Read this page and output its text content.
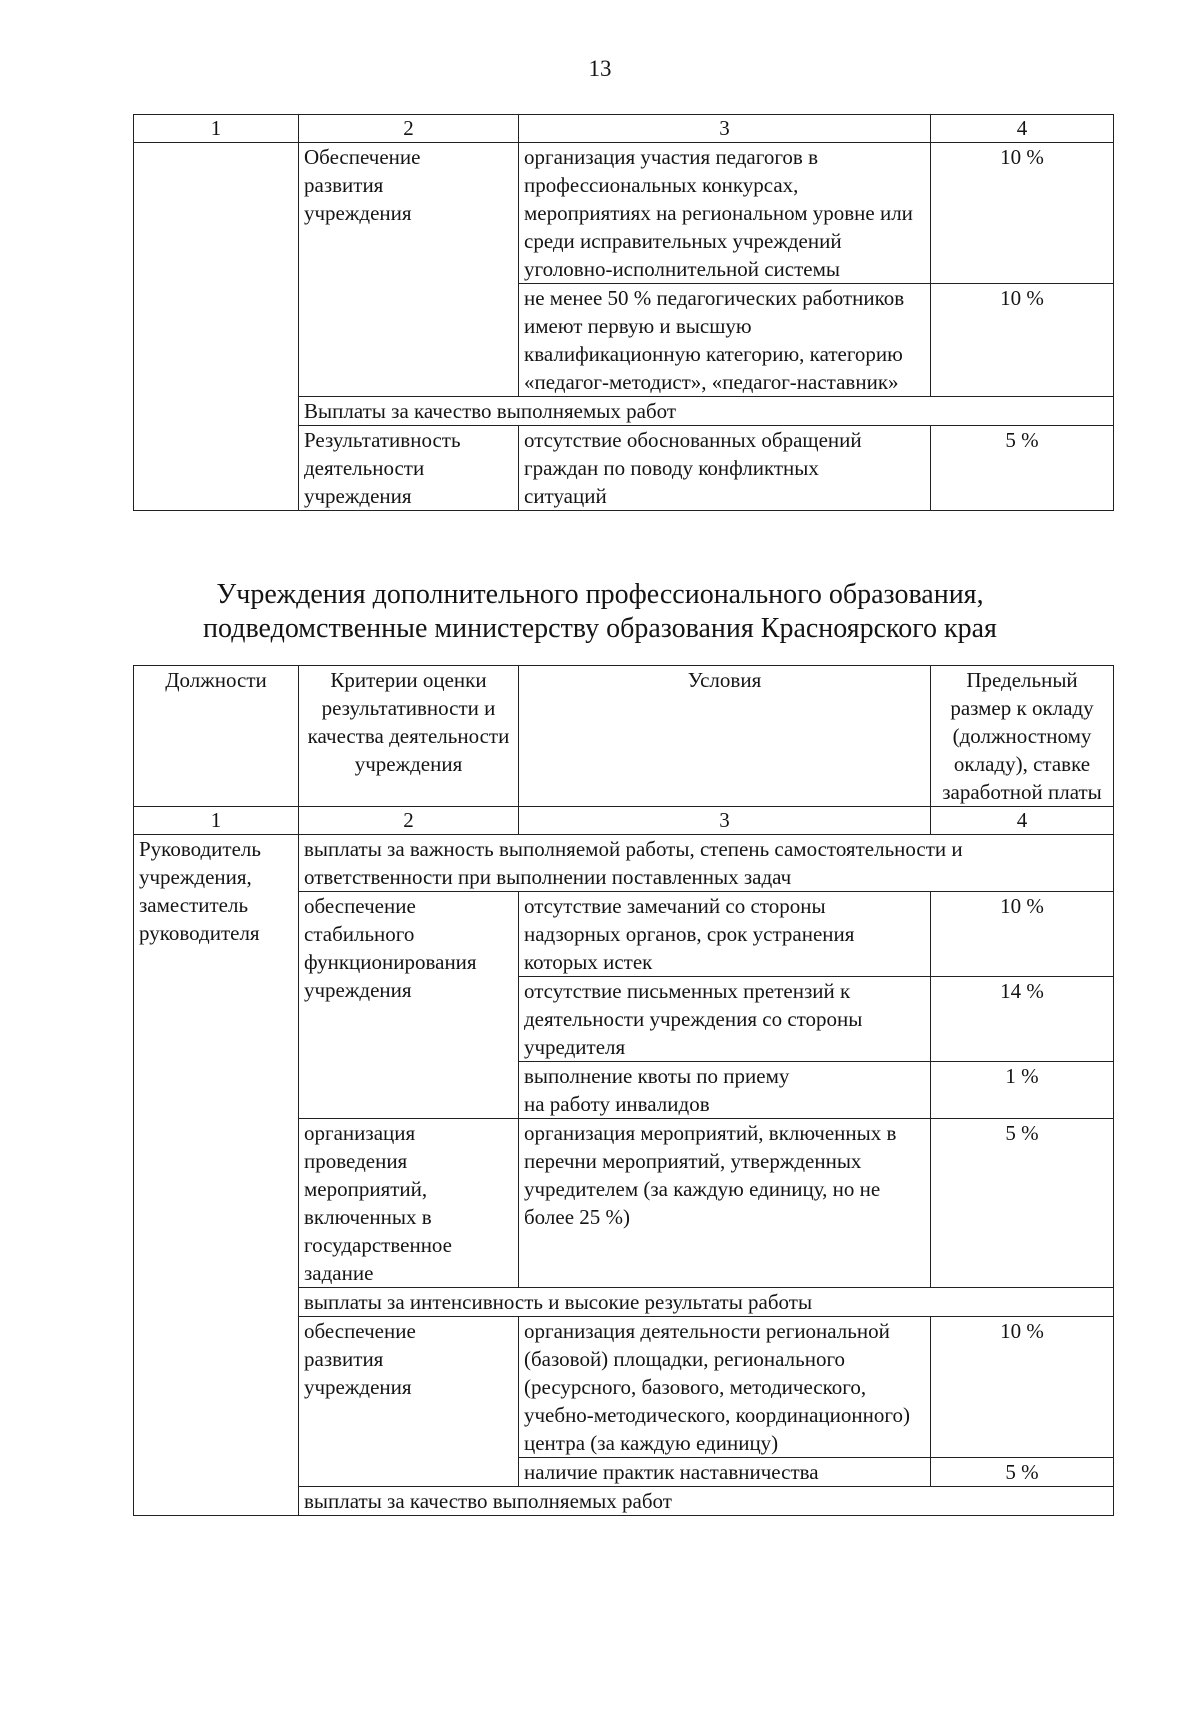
13
1	2	3	4

	Обеспечение развития учреждения	организация участия педагогов в профессиональных конкурсах, мероприятиях на региональном уровне или среди исправительных учреждений уголовно-исполнительной системы	10 %
		не менее 50 % педагогических работников имеют первую и высшую квалификационную категорию, категорию «педагог-методист», «педагог-наставник»	10 %
	Выплаты за качество выполняемых работ		

	Результативность деятельности учреждения	отсутствие обоснованных обращений граждан по поводу конфликтных ситуаций	5 %
Учреждения дополнительного профессионального образования,
подведомственные министерству образования Красноярского края
Должности	Критерии оценки результативности и качества деятельности учреждения	Условия	Предельный размер к окладу (должностному окладу), ставке заработной платы
1	2	3	4

Руководитель учреждения, заместитель руководителя	выплаты за важность выполняемой работы, степень самостоятельности и ответственности при выполнении поставленных задач		
	обеспечение стабильного функционирования учреждения	отсутствие замечаний со стороны надзорных органов, срок устранения которых истек	10 %

		отсутствие письменных претензий к деятельности учреждения со стороны учредителя	14 %

		выполнение квоты по приему на работу инвалидов	1 %

	организация проведения мероприятий, включенных в государственное задание	организация мероприятий, включенных в перечни мероприятий, утвержденных учредителем (за каждую единицу, но не более 25 %)	5 %
	выплаты за интенсивность и высокие результаты работы		

	обеспечение развития учреждения	организация деятельности региональной (базовой) площадки, регионального (ресурсного, базового, методического, учебно-методического, координационного) центра (за каждую единицу)	10 %
		наличие практик наставничества	5 %
	выплаты за качество выполняемых работ		
